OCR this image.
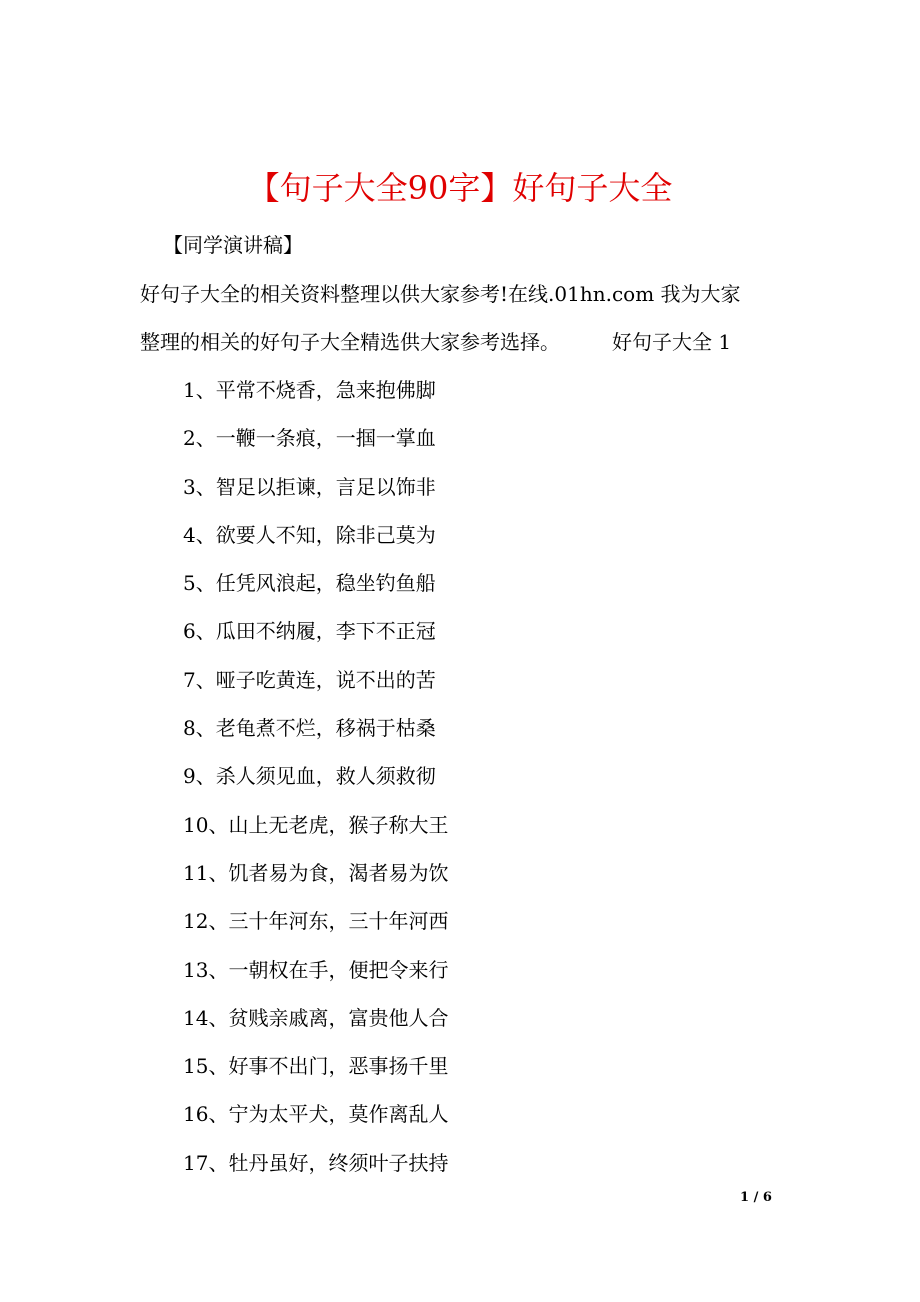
【句子大全90字】好句子大全
【同学演讲稿】
好句子大全的相关资料整理以供大家参考!在线.01hn.com 我为大家
整理的相关的好句子大全精选供大家参考选择。	好句子大全 1
1、平常不烧香，急来抱佛脚
2、一鞭一条痕，一掴一掌血
3、智足以拒谏，言足以饰非
4、欲要人不知，除非己莫为
5、任凭风浪起，稳坐钓鱼船
6、瓜田不纳履，李下不正冠
7、哑子吃黄连，说不出的苦
8、老龟煮不烂，移祸于枯桑
9、杀人须见血，救人须救彻
10、山上无老虎，猴子称大王
11、饥者易为食，渴者易为饮
12、三十年河东，三十年河西
13、一朝权在手，便把令来行
14、贫贱亲戚离，富贵他人合
15、好事不出门，恶事扬千里
16、宁为太平犬，莫作离乱人
17、牡丹虽好，终须叶子扶持
1 / 6
